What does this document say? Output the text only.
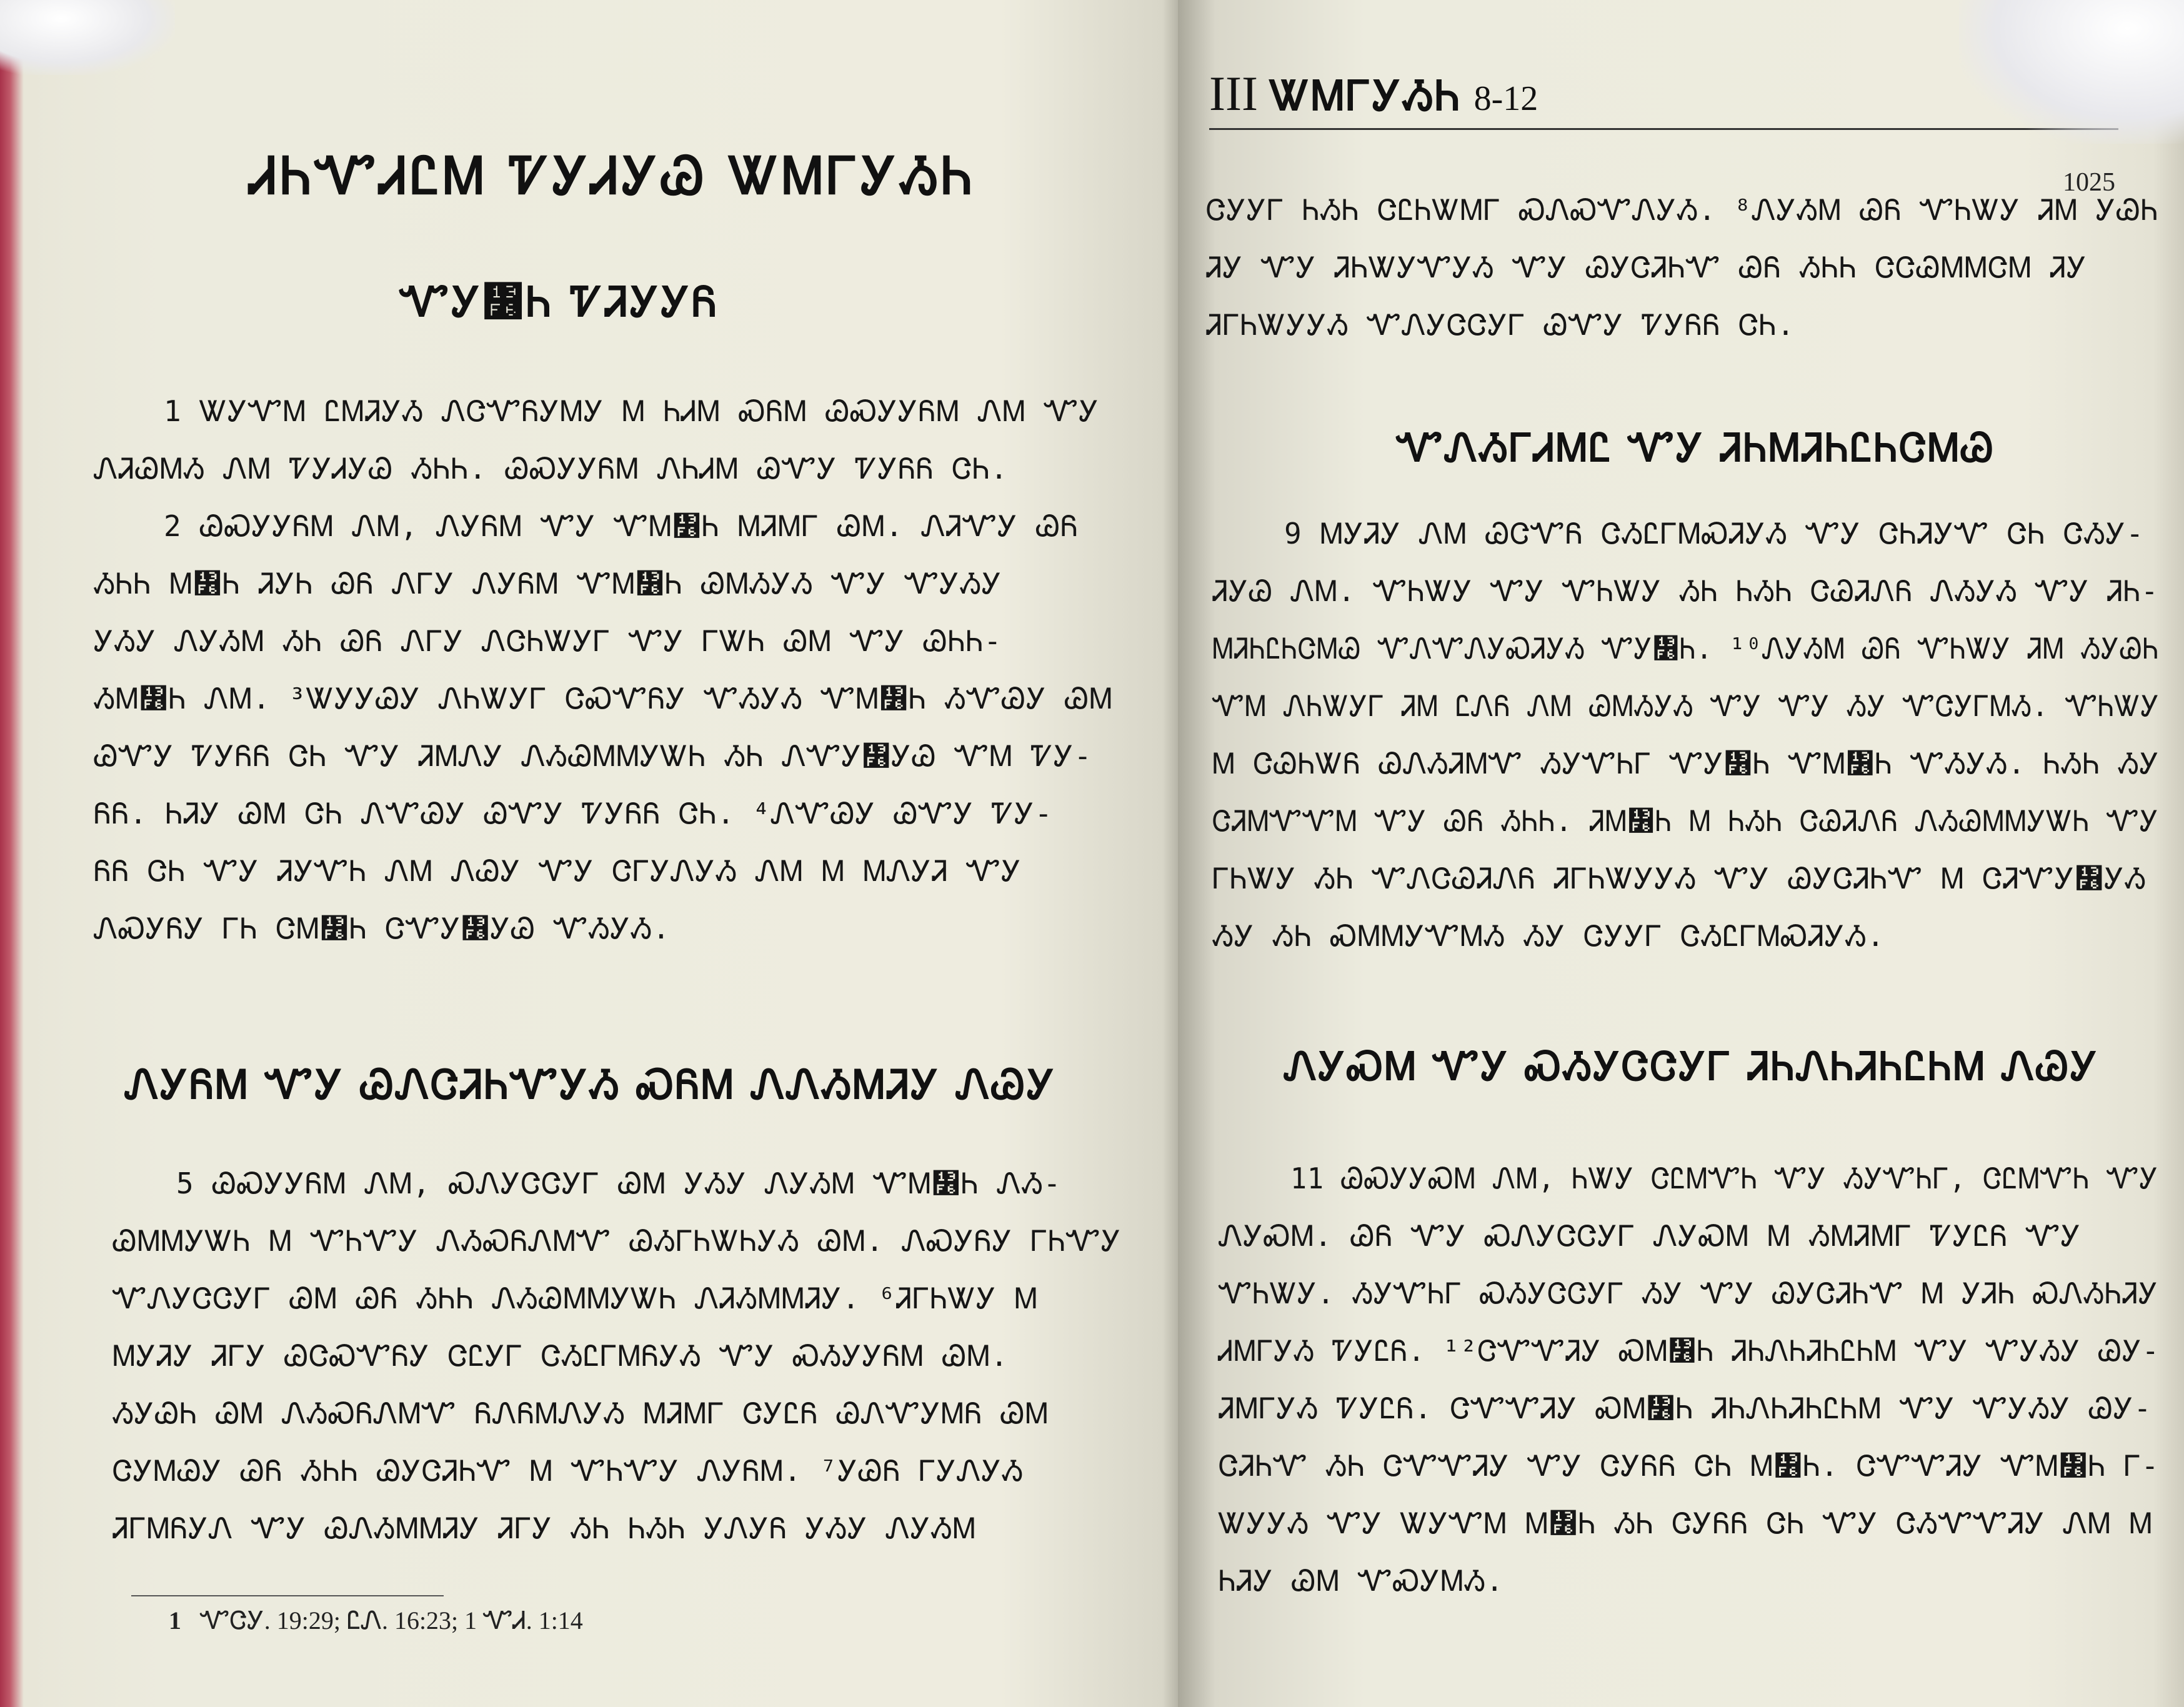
ᏗᏂᏉᏗᏝᎷ ᏤᎩᏗᎩᏊ ᏔᎷᎱᎩᏱᏂ
ᏉᎩ᏶Ꮒ ᏤᏘᎩᎩᏲ

1 ᏔᎩᏉᎷ ᏝᎷᏘᎩᏱ ᏁᏣᏉᏲᎩᎷᎩ Ꮇ ᏂᏗᎷ ᏍᏲᎷ ᏊᏍᎩᎩᏲᎷ ᏁᎷ ᏉᎩ

ᏁᏘᏊᎷᏱ ᏁᎷ ᏤᎩᏗᎩᏊ ᏱᏂᏂ. ᏊᏍᎩᎩᏲᎷ ᏁᏂᏗᎷ ᏊᏉᎩ ᏤᎩᏲᏲ ᏣᏂ.

2 ᏊᏍᎩᎩᏲᎷ ᏁᎷ, ᏁᎩᏲᎷ ᏉᎩ ᏉᎷ᏶Ꮒ ᎷᏘᎷᎱ ᏊᎷ. ᏁᏘᏉᎩ ᏊᏲ

ᏱᏂᏂ Ꮇ᏶Ꮒ ᏘᎩᏂ ᏊᏲ ᏁᎱᎩ ᏁᎩᏲᎷ ᏉᎷ᏶Ꮒ ᏊᎷᏱᎩᏱ ᏉᎩ ᏉᎩᏱᎩ

ᎩᏱᎩ ᏁᎩᏱᎷ ᏱᏂ ᏊᏲ ᏁᎱᎩ ᏁᏣᏂᏔᎩᎱ ᏉᎩ ᎱᏔᏂ ᏊᎷ ᏉᎩ ᏊᏂᏂ-

ᏱᎷ᏶Ꮒ ᏁᎷ. ³ᏔᎩᎩᏊᎩ ᏁᏂᏔᎩᎱ ᏣᏍᏉᏲᎩ ᏉᏱᎩᏱ ᏉᎷ᏶Ꮒ ᏱᏉᏊᎩ ᏊᎷ

ᏊᏉᎩ ᏤᎩᏲᏲ ᏣᏂ ᏉᎩ ᏘᎷᏁᎩ ᏁᏱᏊᎷᎷᎩᏔᏂ ᏱᏂ ᏁᏉᎩ᏶ᎩᏊ ᏉᎷ ᏤᎩ-

ᏲᏲ. ᏂᏘᎩ ᏊᎷ ᏣᏂ ᏁᏉᏊᎩ ᏊᏉᎩ ᏤᎩᏲᏲ ᏣᏂ. ⁴ᏁᏉᏊᎩ ᏊᏉᎩ ᏤᎩ-

ᏲᏲ ᏣᏂ ᏉᎩ ᏘᎩᏉᏂ ᏁᎷ ᏁᏊᎩ ᏉᎩ ᏣᎱᎩᏁᎩᏱ ᏁᎷ Ꮇ ᎷᏁᎩᏘ ᏉᎩ

ᏁᏍᎩᏲᎩ ᎱᏂ ᏣᎷ᏶Ꮒ ᏣᏉᎩ᏶ᎩᏊ ᏉᏱᎩᏱ.

ᏁᎩᏲᎷ ᏉᎩ ᏊᏁᏣᏘᏂᏉᎩᏱ ᏍᏲᎷ ᏁᏁᏱᎷᏘᎩ ᏁᏊᎩ

5 ᏊᏍᎩᎩᏲᎷ ᏁᎷ, ᏍᏁᎩᏣᏣᎩᎱ ᏊᎷ ᎩᏱᎩ ᏁᎩᏱᎷ ᏉᎷ᏶Ꮒ ᏁᏱ-

ᏊᎷᎷᎩᏔᏂ Ꮇ ᏉᏂᏉᎩ ᏁᏱᏍᏲᏁᎷᏉ ᏊᏱᎱᏂᏔᏂᎩᏱ ᏊᎷ. ᏁᏍᎩᏲᎩ ᎱᏂᏉᎩ

ᏉᏁᎩᏣᏣᎩᎱ ᏊᎷ ᏊᏲ ᏱᏂᏂ ᏁᏱᏊᎷᎷᎩᏔᏂ ᏁᏘᏱᎷᎷᏘᎩ. ⁶ᏘᎱᏂᏔᎩ Ꮇ

ᎷᎩᏘᎩ ᏘᎱᎩ ᏊᏣᏍᏉᏲᎩ ᏣᏝᎩᎱ ᏣᏱᏝᎱᎷᏲᎩᏱ ᏉᎩ ᏍᏱᎩᎩᏲᎷ ᏊᎷ.

ᏱᎩᏊᏂ ᏊᎷ ᏁᏱᏍᏲᏁᎷᏉ ᏲᏁᏲᎷᏁᎩᏱ ᎷᏘᎷᎱ ᏣᎩᏝᏲ ᏊᏁᏉᎩᎷᏲ ᏊᎷ

ᏣᎩᎷᏊᎩ ᏊᏲ ᏱᏂᏂ ᏊᎩᏣᏘᏂᏉ Ꮇ ᏉᏂᏉᎩ ᏁᎩᏲᎷ. ⁷ᎩᏊᏲ ᎱᎩᏁᎩᏱ

ᏘᎱᎷᏲᎩᏁ ᏉᎩ ᏊᏁᏱᎷᎷᏘᎩ ᏘᎱᎩ ᏱᏂ ᏂᏱᏂ ᎩᏁᎩᏲ ᎩᏱᎩ ᏁᎩᏱᎷ

1 ᏉᏣᎩ. 19:29; ᏝᏁ. 16:23; 1 ᏉᏗ. 1:14

III ᏔᎷᎱᎩᏱᏂ 8-12

1025

ᏣᎩᎩᎱ ᏂᏱᏂ ᏣᏝᏂᏔᎷᎱ ᏍᏁᏍᏉᏁᎩᏱ. ⁸ᏁᎩᏱᎷ ᏊᏲ ᏉᏂᏔᎩ ᏘᎷ ᎩᏊᏂ

ᏘᎩ ᏉᎩ ᏘᏂᏔᎩᏉᎩᏱ ᏉᎩ ᏊᎩᏣᏘᏂᏉ ᏊᏲ ᏱᏂᏂ ᏣᏣᏊᎷᎷᏣᎷ ᏘᎩ

ᏘᎱᏂᏔᎩᎩᏱ ᏉᏁᎩᏣᏣᎩᎱ ᏊᏉᎩ ᏤᎩᏲᏲ ᏣᏂ.

ᏉᏁᏱᎱᏗᎷᏝ ᏉᎩ ᏘᏂᎷᏘᏂᏝᏂᏣᎷᏊ

9 ᎷᎩᏘᎩ ᏁᎷ ᏊᏣᏉᏲ ᏣᏱᏝᎱᎷᏍᏘᎩᏱ ᏉᎩ ᏣᏂᏘᎩᏉ ᏣᏂ ᏣᏱᎩ-

ᏘᎩᏊ ᏁᎷ. ᏉᏂᏔᎩ ᏉᎩ ᏉᏂᏔᎩ ᏱᏂ ᏂᏱᏂ ᏣᏊᏘᏁᏲ ᏁᏱᎩᏱ ᏉᎩ ᏘᏂ-

ᎷᏘᏂᏝᏂᏣᎷᏊ ᏉᏁᏉᏁᎩᏍᏘᎩᏱ ᏉᎩ᏶Ꮒ. ¹⁰ᏁᎩᏱᎷ ᏊᏲ ᏉᏂᏔᎩ ᏘᎷ ᏱᎩᏊᏂ

ᏉᎷ ᏁᏂᏔᎩᎱ ᏘᎷ ᏝᏁᏲ ᏁᎷ ᏊᎷᏱᎩᏱ ᏉᎩ ᏉᎩ ᏱᎩ ᏉᏣᎩᎱᎷᏱ. ᏉᏂᏔᎩ

Ꮇ ᏣᏊᏂᏔᏲ ᏊᏁᏱᏘᎷᏉ ᏱᎩᏉᏂᎱ ᏉᎩ᏶Ꮒ ᏉᎷ᏶Ꮒ ᏉᏱᎩᏱ. ᏂᏱᏂ ᏱᎩ

ᏣᏘᎷᏉᏉᎷ ᏉᎩ ᏊᏲ ᏱᏂᏂ. ᏘᎷ᏶Ꮒ Ꮇ ᏂᏱᏂ ᏣᏊᏘᏁᏲ ᏁᏱᏊᎷᎷᎩᏔᏂ ᏉᎩ

ᎱᏂᏔᎩ ᏱᏂ ᏉᏁᏣᏊᏘᏁᏲ ᏘᎱᏂᏔᎩᎩᏱ ᏉᎩ ᏊᎩᏣᏘᏂᏉ Ꮇ ᏣᏘᏉᎩ᏶ᎩᏱ

ᏱᎩ ᏱᏂ ᏍᎷᎷᎩᏉᎷᏱ ᏱᎩ ᏣᎩᎩᎱ ᏣᏱᏝᎱᎷᏍᏘᎩᏱ.

ᏁᎩᏍᎷ ᏉᎩ ᏍᏱᎩᏣᏣᎩᎱ ᏘᏂᏁᏂᏘᏂᏝᏂᎷ ᏁᏊᎩ

11 ᏊᏍᎩᎩᏍᎷ ᏁᎷ, ᏂᏔᎩ ᏣᏝᎷᏉᏂ ᏉᎩ ᏱᎩᏉᏂᎱ, ᏣᏝᎷᏉᏂ ᏉᎩ

ᏁᎩᏍᎷ. ᏊᏲ ᏉᎩ ᏍᏁᎩᏣᏣᎩᎱ ᏁᎩᏍᎷ Ꮇ ᏱᎷᏘᎷᎱ ᏤᎩᏝᏲ ᏉᎩ

ᏉᏂᏔᎩ. ᏱᎩᏉᏂᎱ ᏍᏱᎩᏣᏣᎩᎱ ᏱᎩ ᏉᎩ ᏊᎩᏣᏘᏂᏉ Ꮇ ᎩᏘᏂ ᏍᏁᏱᏂᏘᎩ

ᏗᎷᎱᎩᏱ ᏤᎩᏝᏲ. ¹²ᏣᏉᏉᏘᎩ ᏍᎷ᏶Ꮒ ᏘᏂᏁᏂᏘᏂᏝᏂᎷ ᏉᎩ ᏉᎩᏱᎩ ᏊᎩ-

ᏘᎷᎱᎩᏱ ᏤᎩᏝᏲ. ᏣᏉᏉᏘᎩ ᏍᎷ᏶Ꮒ ᏘᏂᏁᏂᏘᏂᏝᏂᎷ ᏉᎩ ᏉᎩᏱᎩ ᏊᎩ-

ᏣᏘᏂᏉ ᏱᏂ ᏣᏉᏉᏘᎩ ᏉᎩ ᏣᎩᏲᏲ ᏣᏂ Ꮇ᏶Ꮒ. ᏣᏉᏉᏘᎩ ᏉᎷ᏶Ꮒ Ꮁ-

ᏔᎩᎩᏱ ᏉᎩ ᏔᎩᏉᎷ Ꮇ᏶Ꮒ ᏱᏂ ᏣᎩᏲᏲ ᏣᏂ ᏉᎩ ᏣᏱᏉᏉᏘᎩ ᏁᎷ Ꮇ

ᏂᏘᎩ ᏊᎷ ᏉᏍᎩᎷᏱ.
